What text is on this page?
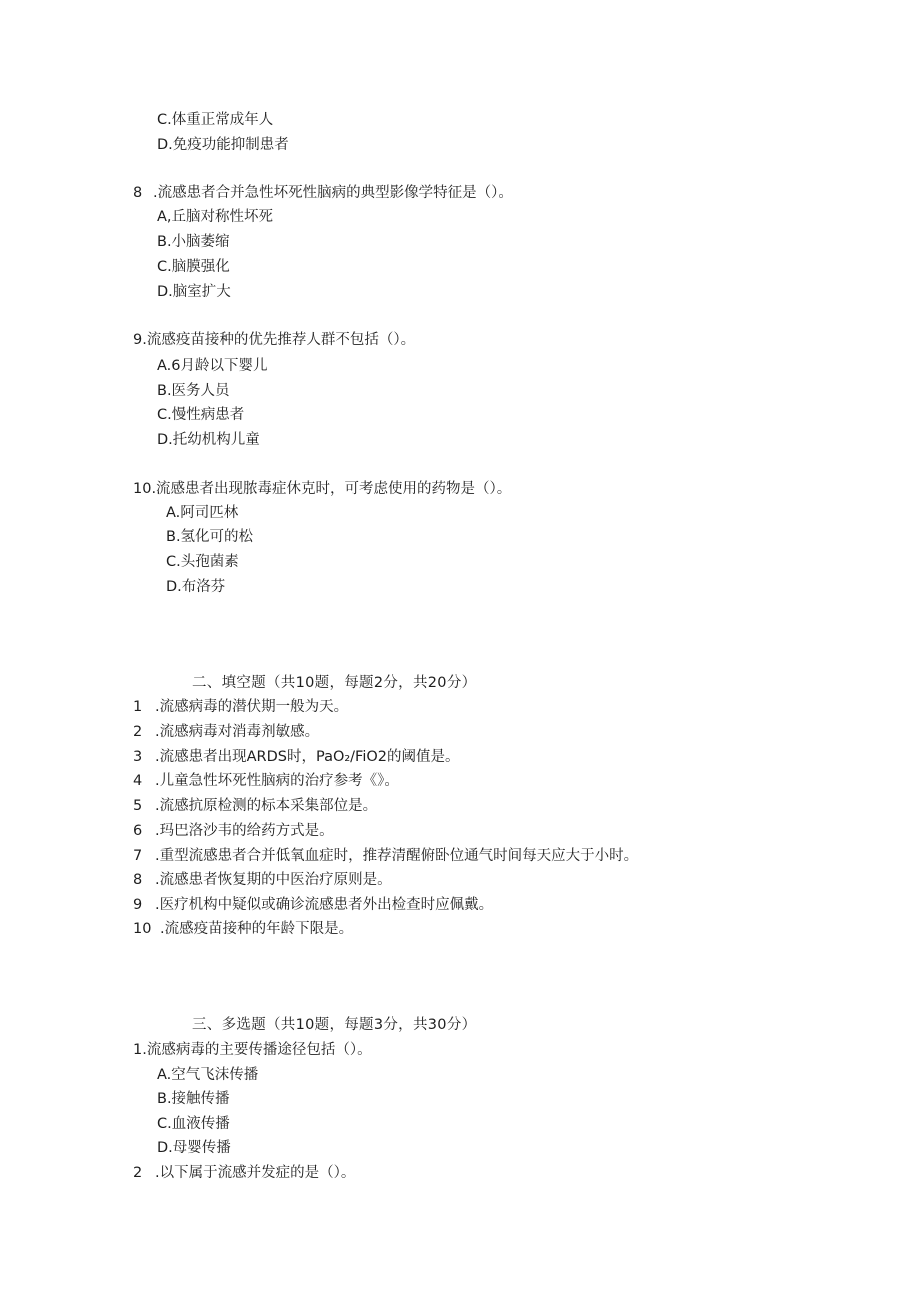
C.体重正常成年人
D.免疫功能抑制患者
8 .流感患者合并急性坏死性脑病的典型影像学特征是（）。
A,丘脑对称性坏死
B.小脑萎缩
C.脑膜强化
D.脑室扩大
9.流感疫苗接种的优先推荐人群不包括（）。
A.6月龄以下婴儿
B.医务人员
C.慢性病患者
D.托幼机构儿童
10.流感患者出现脓毒症休克时，可考虑使用的药物是（）。
A.阿司匹林
B.氢化可的松
C.头孢菌素
D.布洛芬
二、填空题（共10题，每题2分，共20分）
1 .流感病毒的潜伏期一般为天。
2 .流感病毒对消毒剂敏感。
3 .流感患者出现ARDS时，PaO₂/FiO2的阈值是。
4 .儿童急性坏死性脑病的治疗参考《》。
5 .流感抗原检测的标本采集部位是。
6 .玛巴洛沙韦的给药方式是。
7 .重型流感患者合并低氧血症时，推荐清醒俯卧位通气时间每天应大于小时。
8 .流感患者恢复期的中医治疗原则是。
9 .医疗机构中疑似或确诊流感患者外出检查时应佩戴。
10 .流感疫苗接种的年龄下限是。
三、多选题（共10题，每题3分，共30分）
1.流感病毒的主要传播途径包括（）。
A.空气飞沫传播
B.接触传播
C.血液传播
D.母婴传播
2 .以下属于流感并发症的是（）。
